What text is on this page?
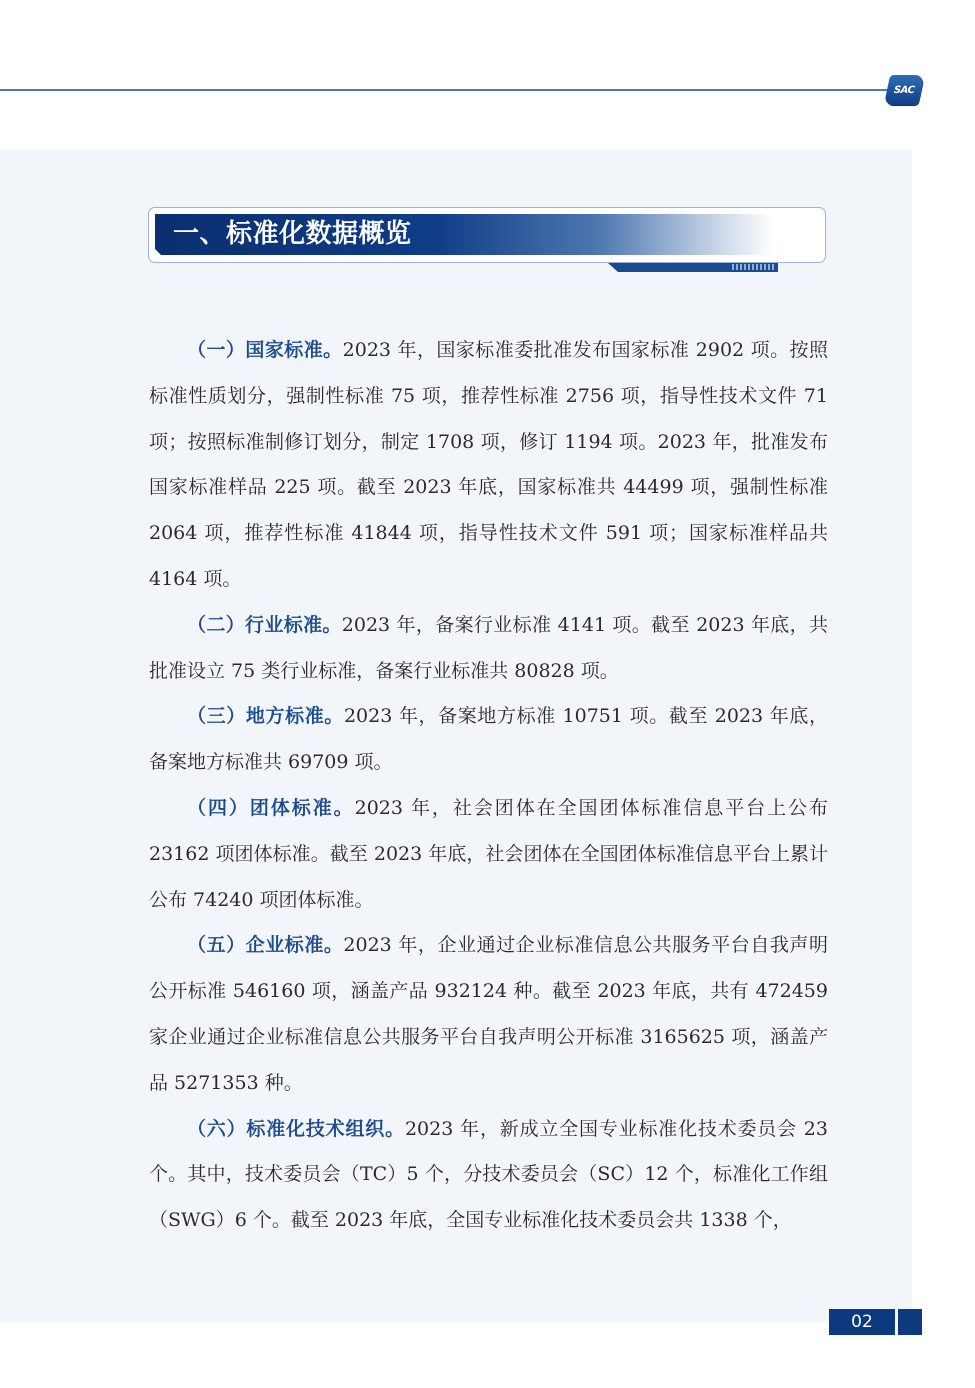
SAC
一、标准化数据概览

（一）国家标准。2023 年，国家标准委批准发布国家标准 2902 项。按照标准性质划分，强制性标准 75 项，推荐性标准 2756 项，指导性技术文件 71 项；按照标准制修订划分，制定 1708 项，修订 1194 项。2023 年，批准发布国家标准样品 225 项。截至 2023 年底，国家标准共 44499 项，强制性标准 2064 项，推荐性标准 41844 项，指导性技术文件 591 项；国家标准样品共 4164 项。

（二）行业标准。2023 年，备案行业标准 4141 项。截至 2023 年底，共批准设立 75 类行业标准，备案行业标准共 80828 项。

（三）地方标准。2023 年，备案地方标准 10751 项。截至 2023 年底，备案地方标准共 69709 项。

（四）团体标准。2023 年，社会团体在全国团体标准信息平台上公布 23162 项团体标准。截至 2023 年底，社会团体在全国团体标准信息平台上累计公布 74240 项团体标准。

（五）企业标准。2023 年，企业通过企业标准信息公共服务平台自我声明公开标准 546160 项，涵盖产品 932124 种。截至 2023 年底，共有 472459 家企业通过企业标准信息公共服务平台自我声明公开标准 3165625 项，涵盖产品 5271353 种。

（六）标准化技术组织。2023 年，新成立全国专业标准化技术委员会 23 个。其中，技术委员会（TC）5 个，分技术委员会（SC）12 个，标准化工作组（SWG）6 个。截至 2023 年底，全国专业标准化技术委员会共 1338 个，

02
